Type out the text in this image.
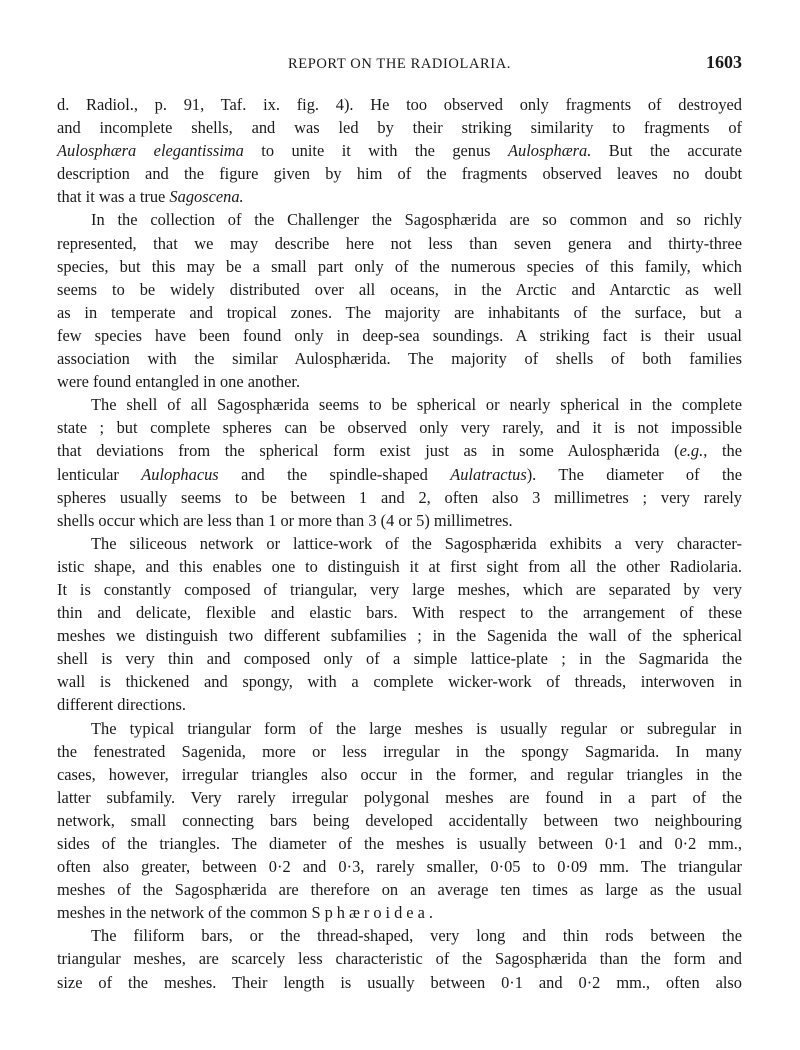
REPORT ON THE RADIOLARIA.	1603
d. Radiol., p. 91, Taf. ix. fig. 4). He too observed only fragments of destroyed
and incomplete shells, and was led by their striking similarity to fragments of
Aulosphæra elegantissima to unite it with the genus Aulosphæra. But the accurate
description and the figure given by him of the fragments observed leaves no doubt
that it was a true Sagoscena.
In the collection of the Challenger the Sagosphærida are so common and so richly
represented, that we may describe here not less than seven genera and thirty-three
species, but this may be a small part only of the numerous species of this family, which
seems to be widely distributed over all oceans, in the Arctic and Antarctic as well
as in temperate and tropical zones. The majority are inhabitants of the surface, but a
few species have been found only in deep-sea soundings. A striking fact is their usual
association with the similar Aulosphærida. The majority of shells of both families
were found entangled in one another.
The shell of all Sagosphærida seems to be spherical or nearly spherical in the complete
state ; but complete spheres can be observed only very rarely, and it is not impossible
that deviations from the spherical form exist just as in some Aulosphærida (e.g., the
lenticular Aulophacus and the spindle-shaped Aulatractus). The diameter of the
spheres usually seems to be between 1 and 2, often also 3 millimetres ; very rarely
shells occur which are less than 1 or more than 3 (4 or 5) millimetres.
The siliceous network or lattice-work of the Sagosphærida exhibits a very character-
istic shape, and this enables one to distinguish it at first sight from all the other Radiolaria.
It is constantly composed of triangular, very large meshes, which are separated by very
thin and delicate, flexible and elastic bars. With respect to the arrangement of these
meshes we distinguish two different subfamilies ; in the Sagenida the wall of the spherical
shell is very thin and composed only of a simple lattice-plate ; in the Sagmarida the
wall is thickened and spongy, with a complete wicker-work of threads, interwoven in
different directions.
The typical triangular form of the large meshes is usually regular or subregular in
the fenestrated Sagenida, more or less irregular in the spongy Sagmarida. In many
cases, however, irregular triangles also occur in the former, and regular triangles in the
latter subfamily. Very rarely irregular polygonal meshes are found in a part of the
network, small connecting bars being developed accidentally between two neighbouring
sides of the triangles. The diameter of the meshes is usually between 0·1 and 0·2 mm.,
often also greater, between 0·2 and 0·3, rarely smaller, 0·05 to 0·09 mm. The triangular
meshes of the Sagosphærida are therefore on an average ten times as large as the usual
meshes in the network of the common Sphæroidea.
The filiform bars, or the thread-shaped, very long and thin rods between the
triangular meshes, are scarcely less characteristic of the Sagosphærida than the form and
size of the meshes. Their length is usually between 0·1 and 0·2 mm., often also
